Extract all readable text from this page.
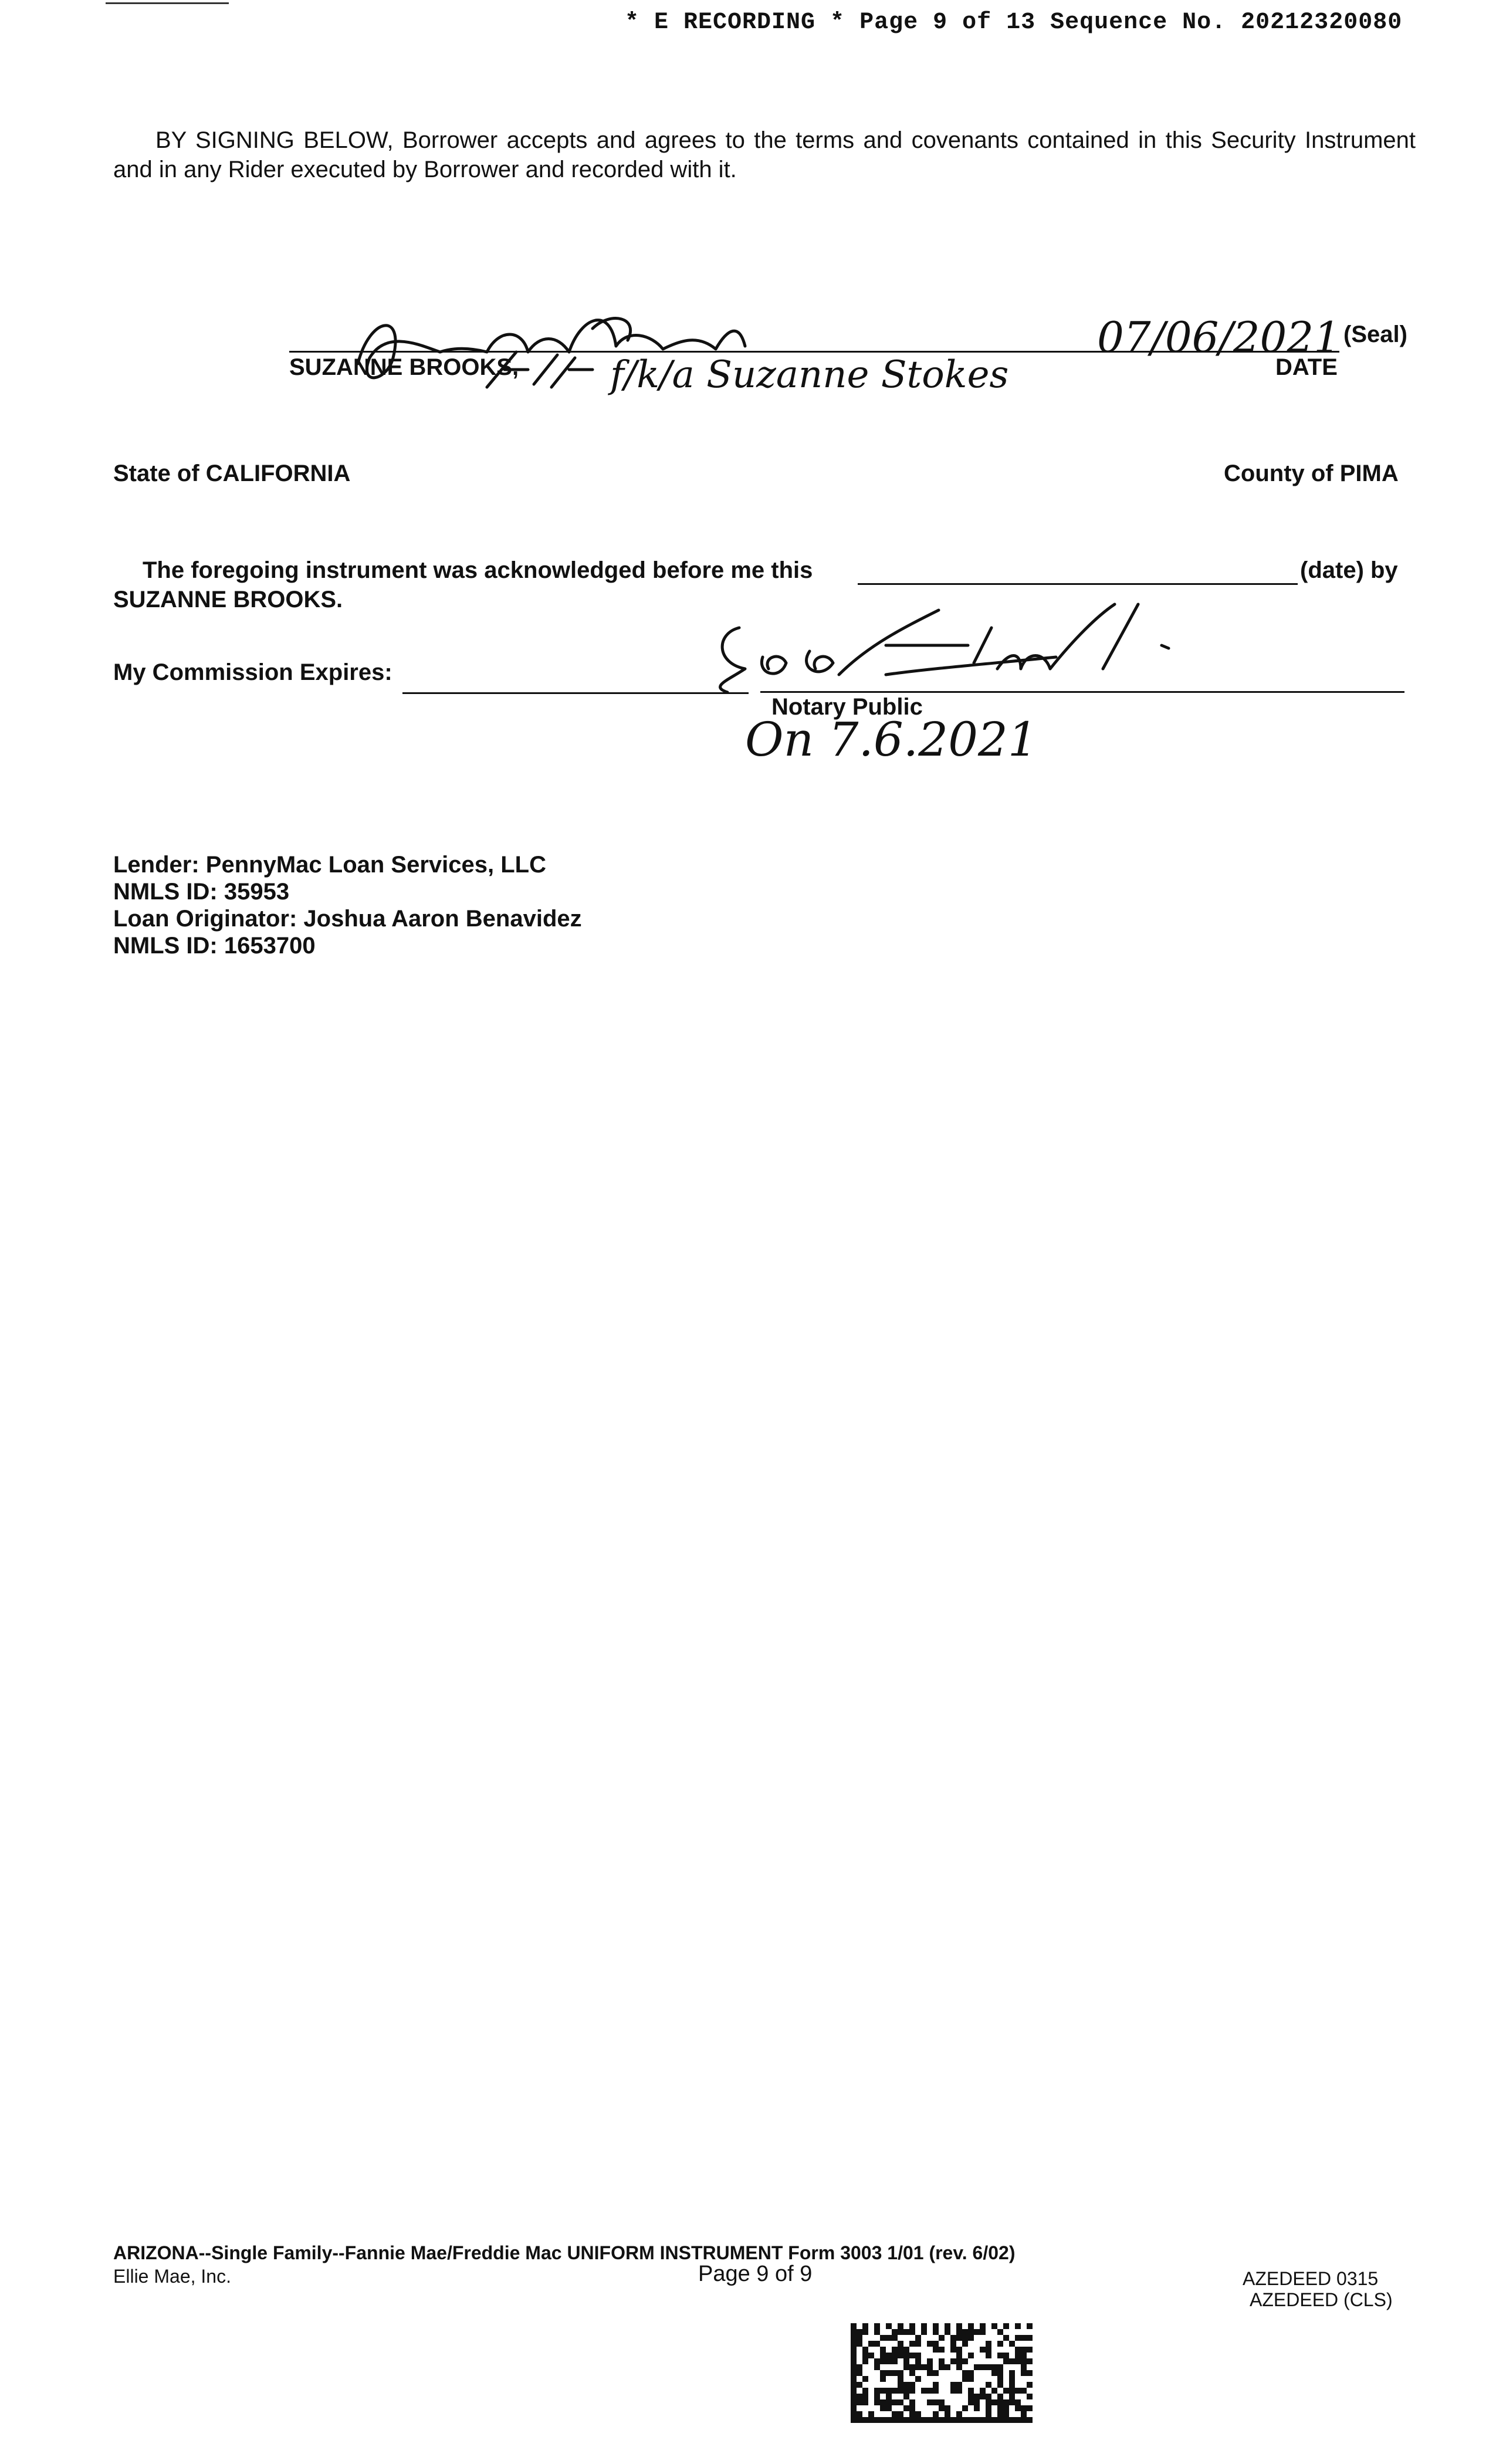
* E RECORDING * Page 9 of 13 Sequence No. 20212320080
BY SIGNING BELOW, Borrower accepts and agrees to the terms and covenants contained in this Security Instrument and in any Rider executed by Borrower and recorded with it.
SUZANNE BROOKS,
(Seal)
DATE
f/k/a Suzanne Stokes
07/06/2021
State of CALIFORNIA	County of PIMA
The foregoing instrument was acknowledged before me this	(date) by
SUZANNE BROOKS.
My Commission Expires:
Notary Public
On 7.6.2021
Lender: PennyMac Loan Services, LLC
NMLS ID: 35953
Loan Originator: Joshua Aaron Benavidez
NMLS ID: 1653700
ARIZONA--Single Family--Fannie Mae/Freddie Mac UNIFORM INSTRUMENT Form 3003 1/01 (rev. 6/02)
Ellie Mae, Inc.	Page 9 of 9	AZEDEED 0315
AZEDEED (CLS)
